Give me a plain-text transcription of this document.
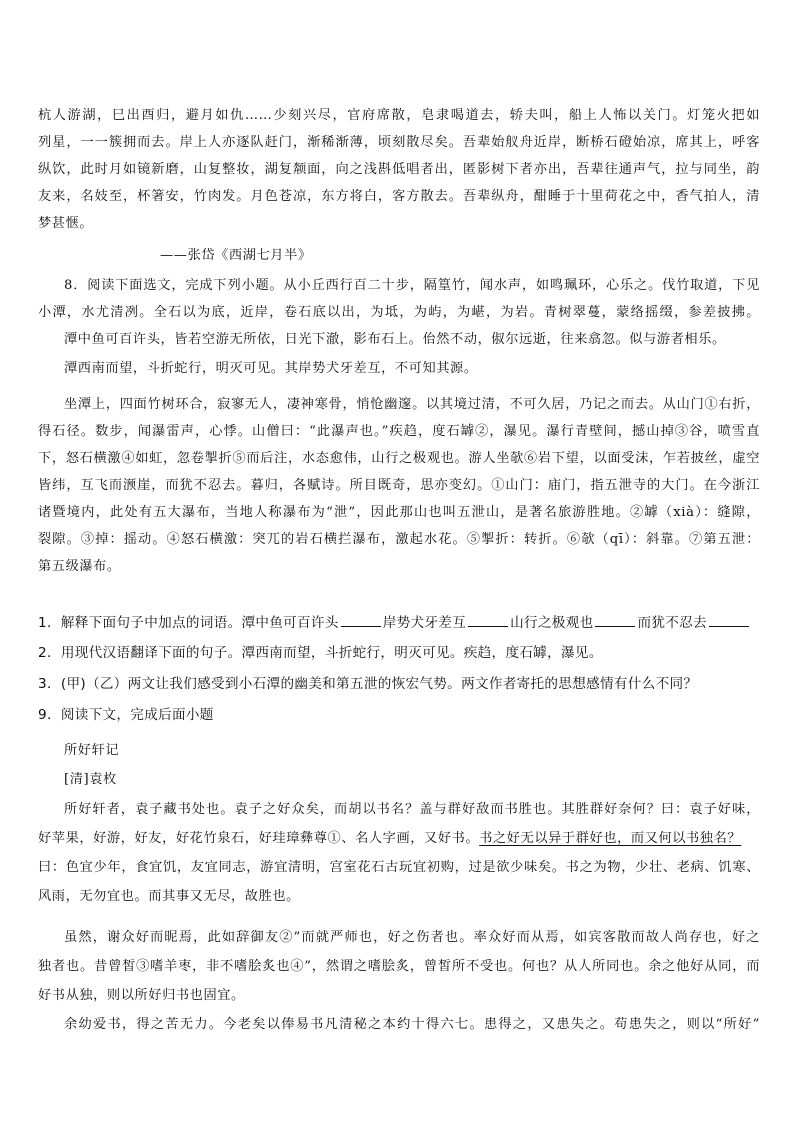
杭人游湖，巳出酉归，避月如仇……少刻兴尽，官府席散，皂隶喝道去，轿夫叫，船上人怖以关门。灯笼火把如
列星，一一簇拥而去。岸上人亦逐队赶门，渐稀渐薄，顷刻散尽矣。吾辈始舣舟近岸，断桥石磴始凉，席其上，呼客
纵饮，此时月如镜新磨，山复整妆，湖复颒面，向之浅斟低唱者出，匿影树下者亦出，吾辈往通声气，拉与同坐，韵
友来，名妓至，杯箸安，竹肉发。月色苍凉，东方将白，客方散去。吾辈纵舟，酣睡于十里荷花之中，香气拍人，清
梦甚惬。
——张岱《西湖七月半》
8．阅读下面选文，完成下列小题。从小丘西行百二十步，隔篁竹，闻水声，如鸣珮环，心乐之。伐竹取道，下见
小潭，水尤清冽。全石以为底，近岸，卷石底以出，为坻，为屿，为嵁，为岩。青树翠蔓，蒙络摇缀，参差披拂。
潭中鱼可百许头，皆若空游无所依，日光下澈，影布石上。佁然不动，俶尔远逝，往来翕忽。似与游者相乐。
潭西南而望，斗折蛇行，明灭可见。其岸势犬牙差互，不可知其源。
坐潭上，四面竹树环合，寂寥无人，凄神寒骨，悄怆幽邃。以其境过清，不可久居，乃记之而去。从山门①右折，
得石径。数步，闻瀑雷声，心悸。山僧曰：“此瀑声也。”疾趋，度石罅②，瀑见。瀑行青壁间，撼山掉③谷，喷雪直
下，怒石横激④如虹，忽卷掣折⑤而后注，水态愈伟，山行之极观也。游人坐欹⑥岩下望，以面受沫，乍若披丝，虚空
皆纬，互飞而滪崖，而犹不忍去。暮归，各赋诗。所目既奇，思亦变幻。①山门：庙门，指五泄寺的大门。在今浙江
诸暨境内，此处有五大瀑布，当地人称瀑布为“泄”，因此那山也叫五泄山，是著名旅游胜地。②罅（xià）：缝隙，
裂隙。③掉：摇动。④怒石横激：突兀的岩石横拦瀑布，激起水花。⑤掣折：转折。⑥欹（qī）：斜靠。⑦第五泄：
第五级瀑布。
1．解释下面句子中加点的词语。潭中鱼可百许头	岸势犬牙差互	山行之极观也	而犹不忍去
2．用现代汉语翻译下面的句子。潭西南而望，斗折蛇行，明灭可见。疾趋，度石罅，瀑见。
3．(甲)（乙）两文让我们感受到小石潭的幽美和第五泄的恢宏气势。两文作者寄托的思想感情有什么不同？
9．阅读下文，完成后面小题
所好轩记
[清]袁枚
所好轩者，袁子藏书处也。袁子之好众矣，而胡以书名？盖与群好敌而书胜也。其胜群好奈何？曰：袁子好味，
好苹果，好游，好友，好花竹泉石，好珪璋彝尊①、名人字画，又好书。书之好无以异于群好也，而又何以书独名？
曰：色宜少年，食宜饥，友宜同志，游宜清明，宫室花石古玩宜初购，过是欲少味矣。书之为物，少壮、老病、饥寒、
风雨，无勿宜也。而其事又无尽，故胜也。
虽然，谢众好而昵焉，此如辞御友②”而就严师也，好之伤者也。率众好而从焉，如宾客散而故人尚存也，好之
独者也。昔曾皙③嗜羊枣，非不嗜脍炙也④”，然谓之嗜脍炙，曾皙所不受也。何也？从人所同也。余之他好从同，而
好书从独，则以所好归书也固宜。
余幼爱书，得之苦无力。今老矣以俸易书凡清秘之本约十得六七。患得之，又患失之。苟患失之，则以“所好”
